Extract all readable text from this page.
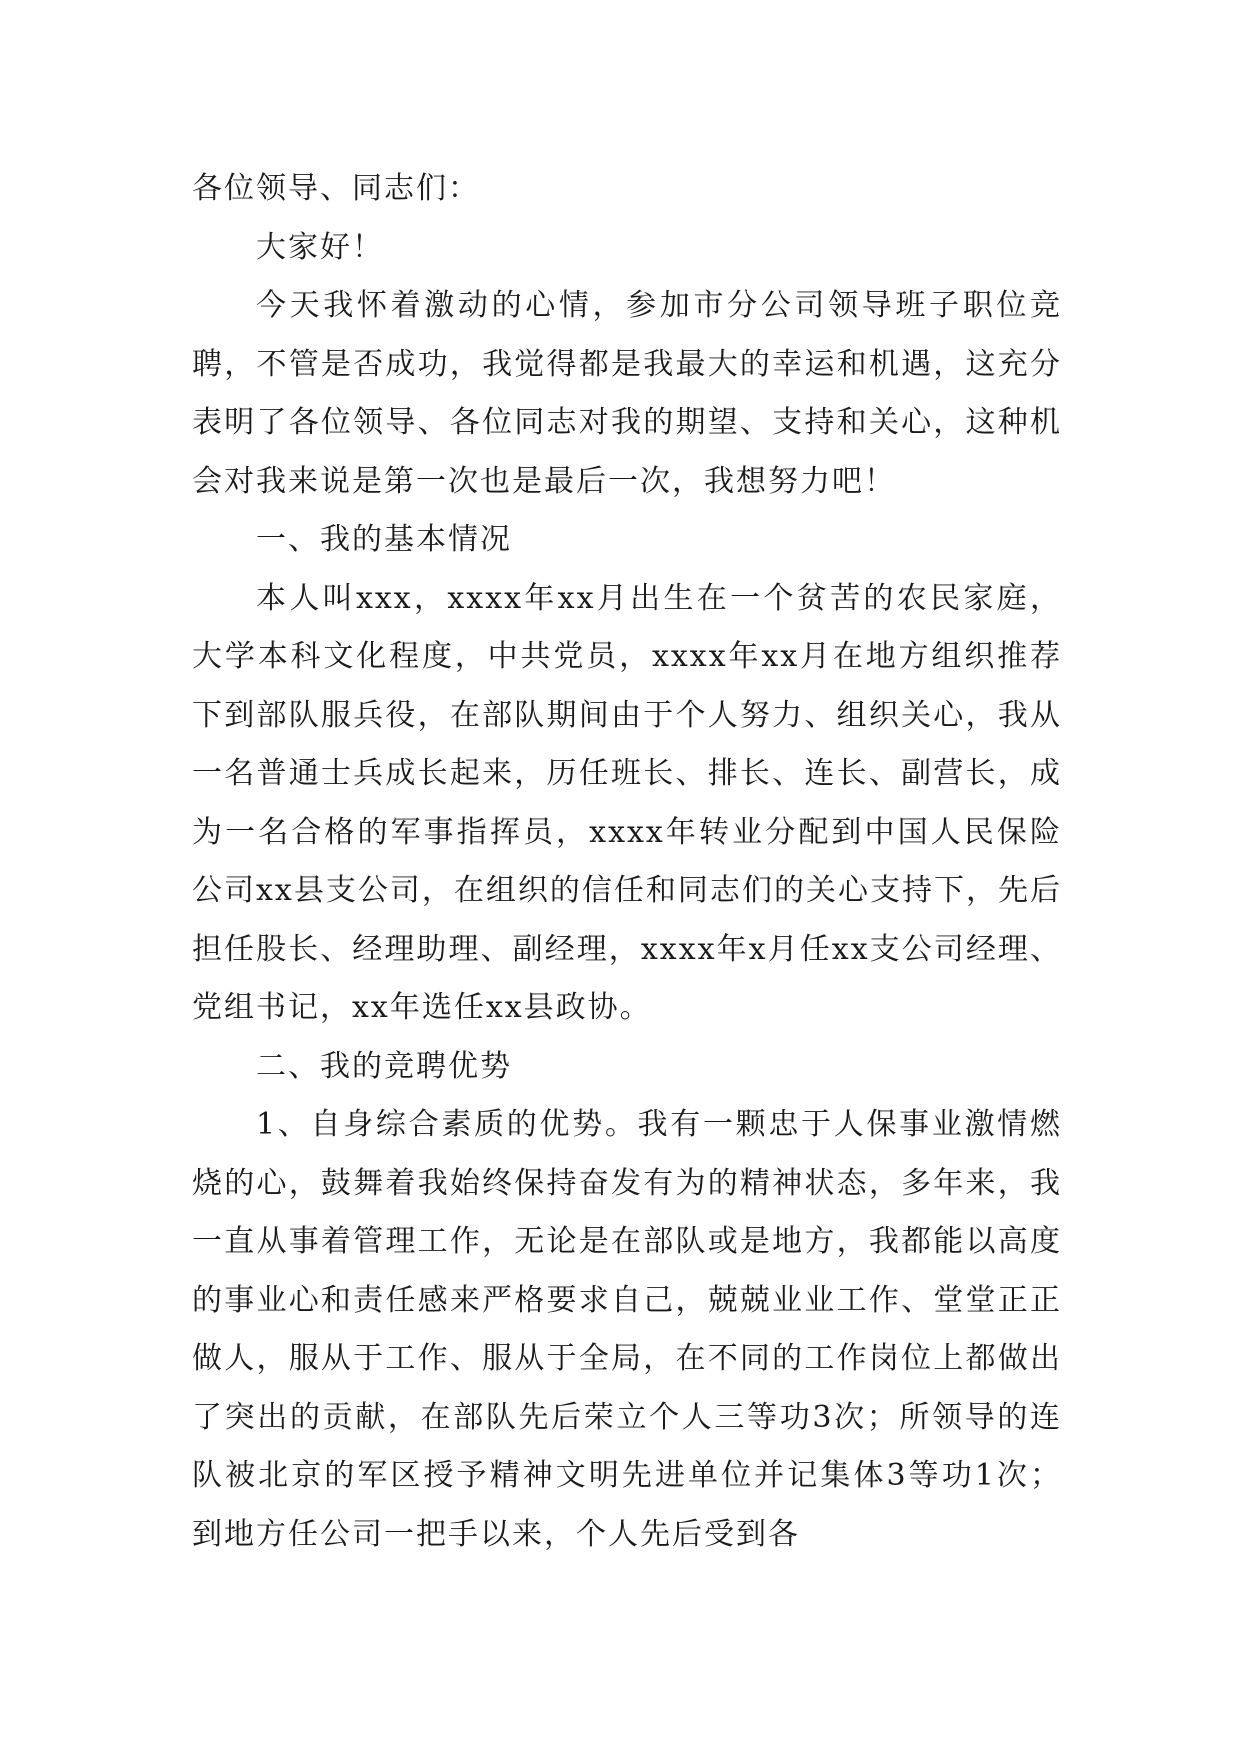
各位领导、同志们：

大家好！

今天我怀着激动的心情，参加市分公司领导班子职位竞聘，不管是否成功，我觉得都是我最大的幸运和机遇，这充分表明了各位领导、各位同志对我的期望、支持和关心，这种机会对我来说是第一次也是最后一次，我想努力吧！

一、我的基本情况

本人叫xxx，xxxx年xx月出生在一个贫苦的农民家庭，大学本科文化程度，中共党员，xxxx年xx月在地方组织推荐下到部队服兵役，在部队期间由于个人努力、组织关心，我从一名普通士兵成长起来，历任班长、排长、连长、副营长，成为一名合格的军事指挥员，xxxx年转业分配到中国人民保险公司xx县支公司，在组织的信任和同志们的关心支持下，先后担任股长、经理助理、副经理，xxxx年x月任xx支公司经理、党组书记，xx年选任xx县政协。

二、我的竞聘优势

1、自身综合素质的优势。我有一颗忠于人保事业激情燃烧的心，鼓舞着我始终保持奋发有为的精神状态，多年来，我一直从事着管理工作，无论是在部队或是地方，我都能以高度的事业心和责任感来严格要求自己，兢兢业业工作、堂堂正正做人，服从于工作、服从于全局，在不同的工作岗位上都做出了突出的贡献，在部队先后荣立个人三等功3次；所领导的连队被北京的军区授予精神文明先进单位并记集体3等功1次；到地方任公司一把手以来，个人先后受到各
